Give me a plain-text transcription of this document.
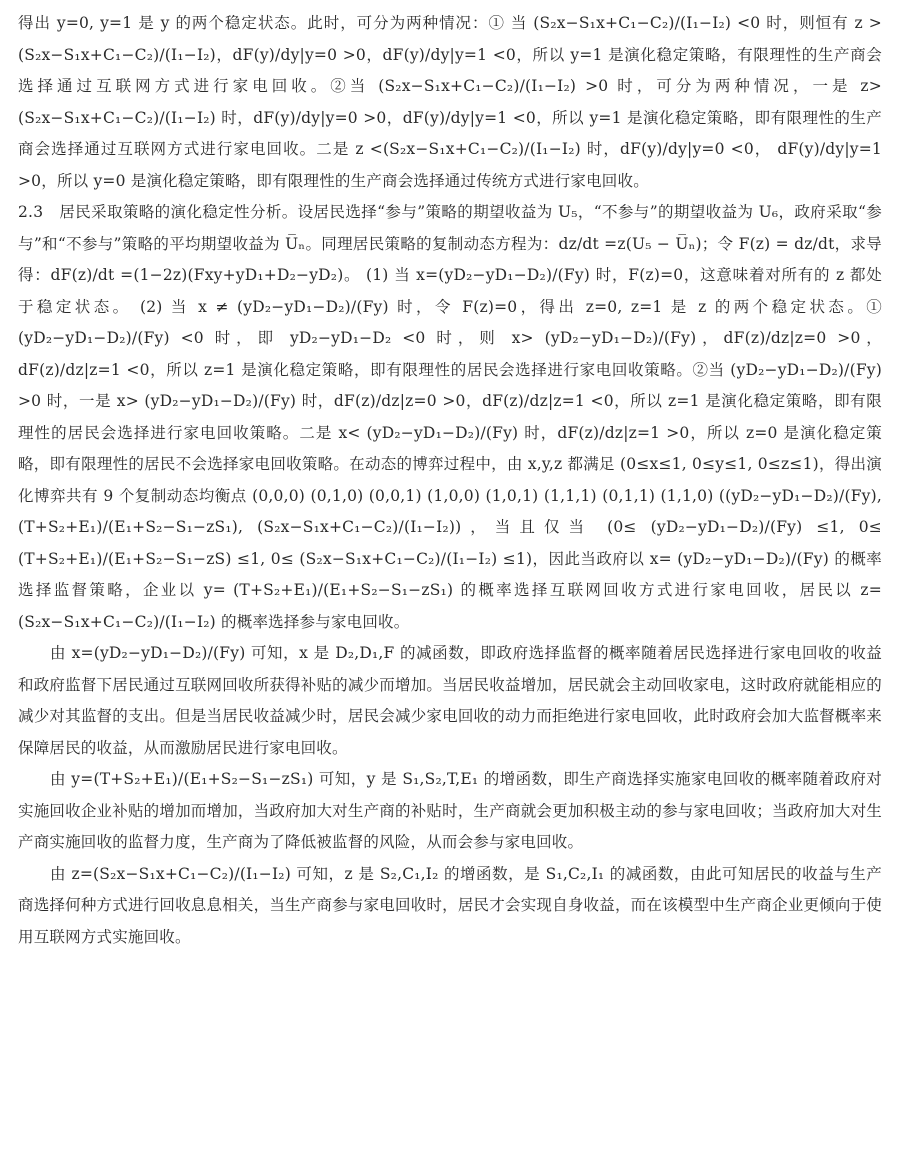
得出 y=0, y=1 是 y 的两个稳定状态。此时，可分为两种情况：① 当 (S₂x−S₁x+C₁−C₂)/(I₁−I₂) <0 时，则恒有 z >(S₂x−S₁x+C₁−C₂)/(I₁−I₂)，dF(y)/dy|y=0 >0，dF(y)/dy|y=1 <0，所以 y=1 是演化稳定策略，有限理性的生产商会选择通过互联网方式进行家电回收。②当 (S₂x−S₁x+C₁−C₂)/(I₁−I₂) >0 时，可分为两种情况，一是 z> (S₂x−S₁x+C₁−C₂)/(I₁−I₂) 时，dF(y)/dy|y=0 >0，dF(y)/dy|y=1 <0，所以 y=1 是演化稳定策略，即有限理性的生产商会选择通过互联网方式进行家电回收。二是 z <(S₂x−S₁x+C₁−C₂)/(I₁−I₂) 时，dF(y)/dy|y=0 <0， dF(y)/dy|y=1 >0，所以 y=0 是演化稳定策略，即有限理性的生产商会选择通过传统方式进行家电回收。

2.3　居民采取策略的演化稳定性分析。设居民选择“参与”策略的期望收益为 U₅，“不参与”的期望收益为 U₆，政府采取“参与”和“不参与”策略的平均期望收益为 U̅ₙ。同理居民策略的复制动态方程为：dz/dt =z(U₅ − U̅ₙ)；令 F(z) = dz/dt，求导得：dF(z)/dt =(1−2z)(Fxy+yD₁+D₂−yD₂)。 (1) 当 x=(yD₂−yD₁−D₂)/(Fy) 时，F(z)=0，这意味着对所有的 z 都处于稳定状态。 (2) 当 x ≠ (yD₂−yD₁−D₂)/(Fy) 时，令 F(z)=0，得出 z=0, z=1 是 z 的两个稳定状态。① (yD₂−yD₁−D₂)/(Fy) <0 时，即 yD₂−yD₁−D₂ <0 时，则 x> (yD₂−yD₁−D₂)/(Fy)，dF(z)/dz|z=0 >0，dF(z)/dz|z=1 <0，所以 z=1 是演化稳定策略，即有限理性的居民会选择进行家电回收策略。②当 (yD₂−yD₁−D₂)/(Fy) >0 时，一是 x> (yD₂−yD₁−D₂)/(Fy) 时，dF(z)/dz|z=0 >0，dF(z)/dz|z=1 <0，所以 z=1 是演化稳定策略，即有限理性的居民会选择进行家电回收策略。二是 x< (yD₂−yD₁−D₂)/(Fy) 时，dF(z)/dz|z=1 >0，所以 z=0 是演化稳定策略，即有限理性的居民不会选择家电回收策略。在动态的博弈过程中，由 x,y,z 都满足 (0≤x≤1, 0≤y≤1, 0≤z≤1)，得出演化博弈共有 9 个复制动态均衡点 (0,0,0) (0,1,0) (0,0,1) (1,0,0) (1,0,1) (1,1,1) (0,1,1) (1,1,0) ((yD₂−yD₁−D₂)/(Fy), (T+S₂+E₁)/(E₁+S₂−S₁−zS₁), (S₂x−S₁x+C₁−C₂)/(I₁−I₂))，当且仅当 (0≤ (yD₂−yD₁−D₂)/(Fy) ≤1, 0≤ (T+S₂+E₁)/(E₁+S₂−S₁−zS) ≤1, 0≤ (S₂x−S₁x+C₁−C₂)/(I₁−I₂) ≤1)，因此当政府以 x= (yD₂−yD₁−D₂)/(Fy) 的概率选择监督策略，企业以 y= (T+S₂+E₁)/(E₁+S₂−S₁−zS₁) 的概率选择互联网回收方式进行家电回收，居民以 z= (S₂x−S₁x+C₁−C₂)/(I₁−I₂) 的概率选择参与家电回收。

由 x=(yD₂−yD₁−D₂)/(Fy) 可知，x 是 D₂,D₁,F 的减函数，即政府选择监督的概率随着居民选择进行家电回收的收益和政府监督下居民通过互联网回收所获得补贴的减少而增加。当居民收益增加，居民就会主动回收家电，这时政府就能相应的减少对其监督的支出。但是当居民收益减少时，居民会减少家电回收的动力而拒绝进行家电回收，此时政府会加大监督概率来保障居民的收益，从而激励居民进行家电回收。

由 y=(T+S₂+E₁)/(E₁+S₂−S₁−zS₁) 可知，y 是 S₁,S₂,T,E₁ 的增函数，即生产商选择实施家电回收的概率随着政府对实施回收企业补贴的增加而增加，当政府加大对生产商的补贴时，生产商就会更加积极主动的参与家电回收；当政府加大对生产商实施回收的监督力度，生产商为了降低被监督的风险，从而会参与家电回收。

由 z=(S₂x−S₁x+C₁−C₂)/(I₁−I₂) 可知，z 是 S₂,C₁,I₂ 的增函数，是 S₁,C₂,I₁ 的减函数，由此可知居民的收益与生产商选择何种方式进行回收息息相关，当生产商参与家电回收时，居民才会实现自身收益，而在该模型中生产商企业更倾向于使用互联网方式实施回收。
